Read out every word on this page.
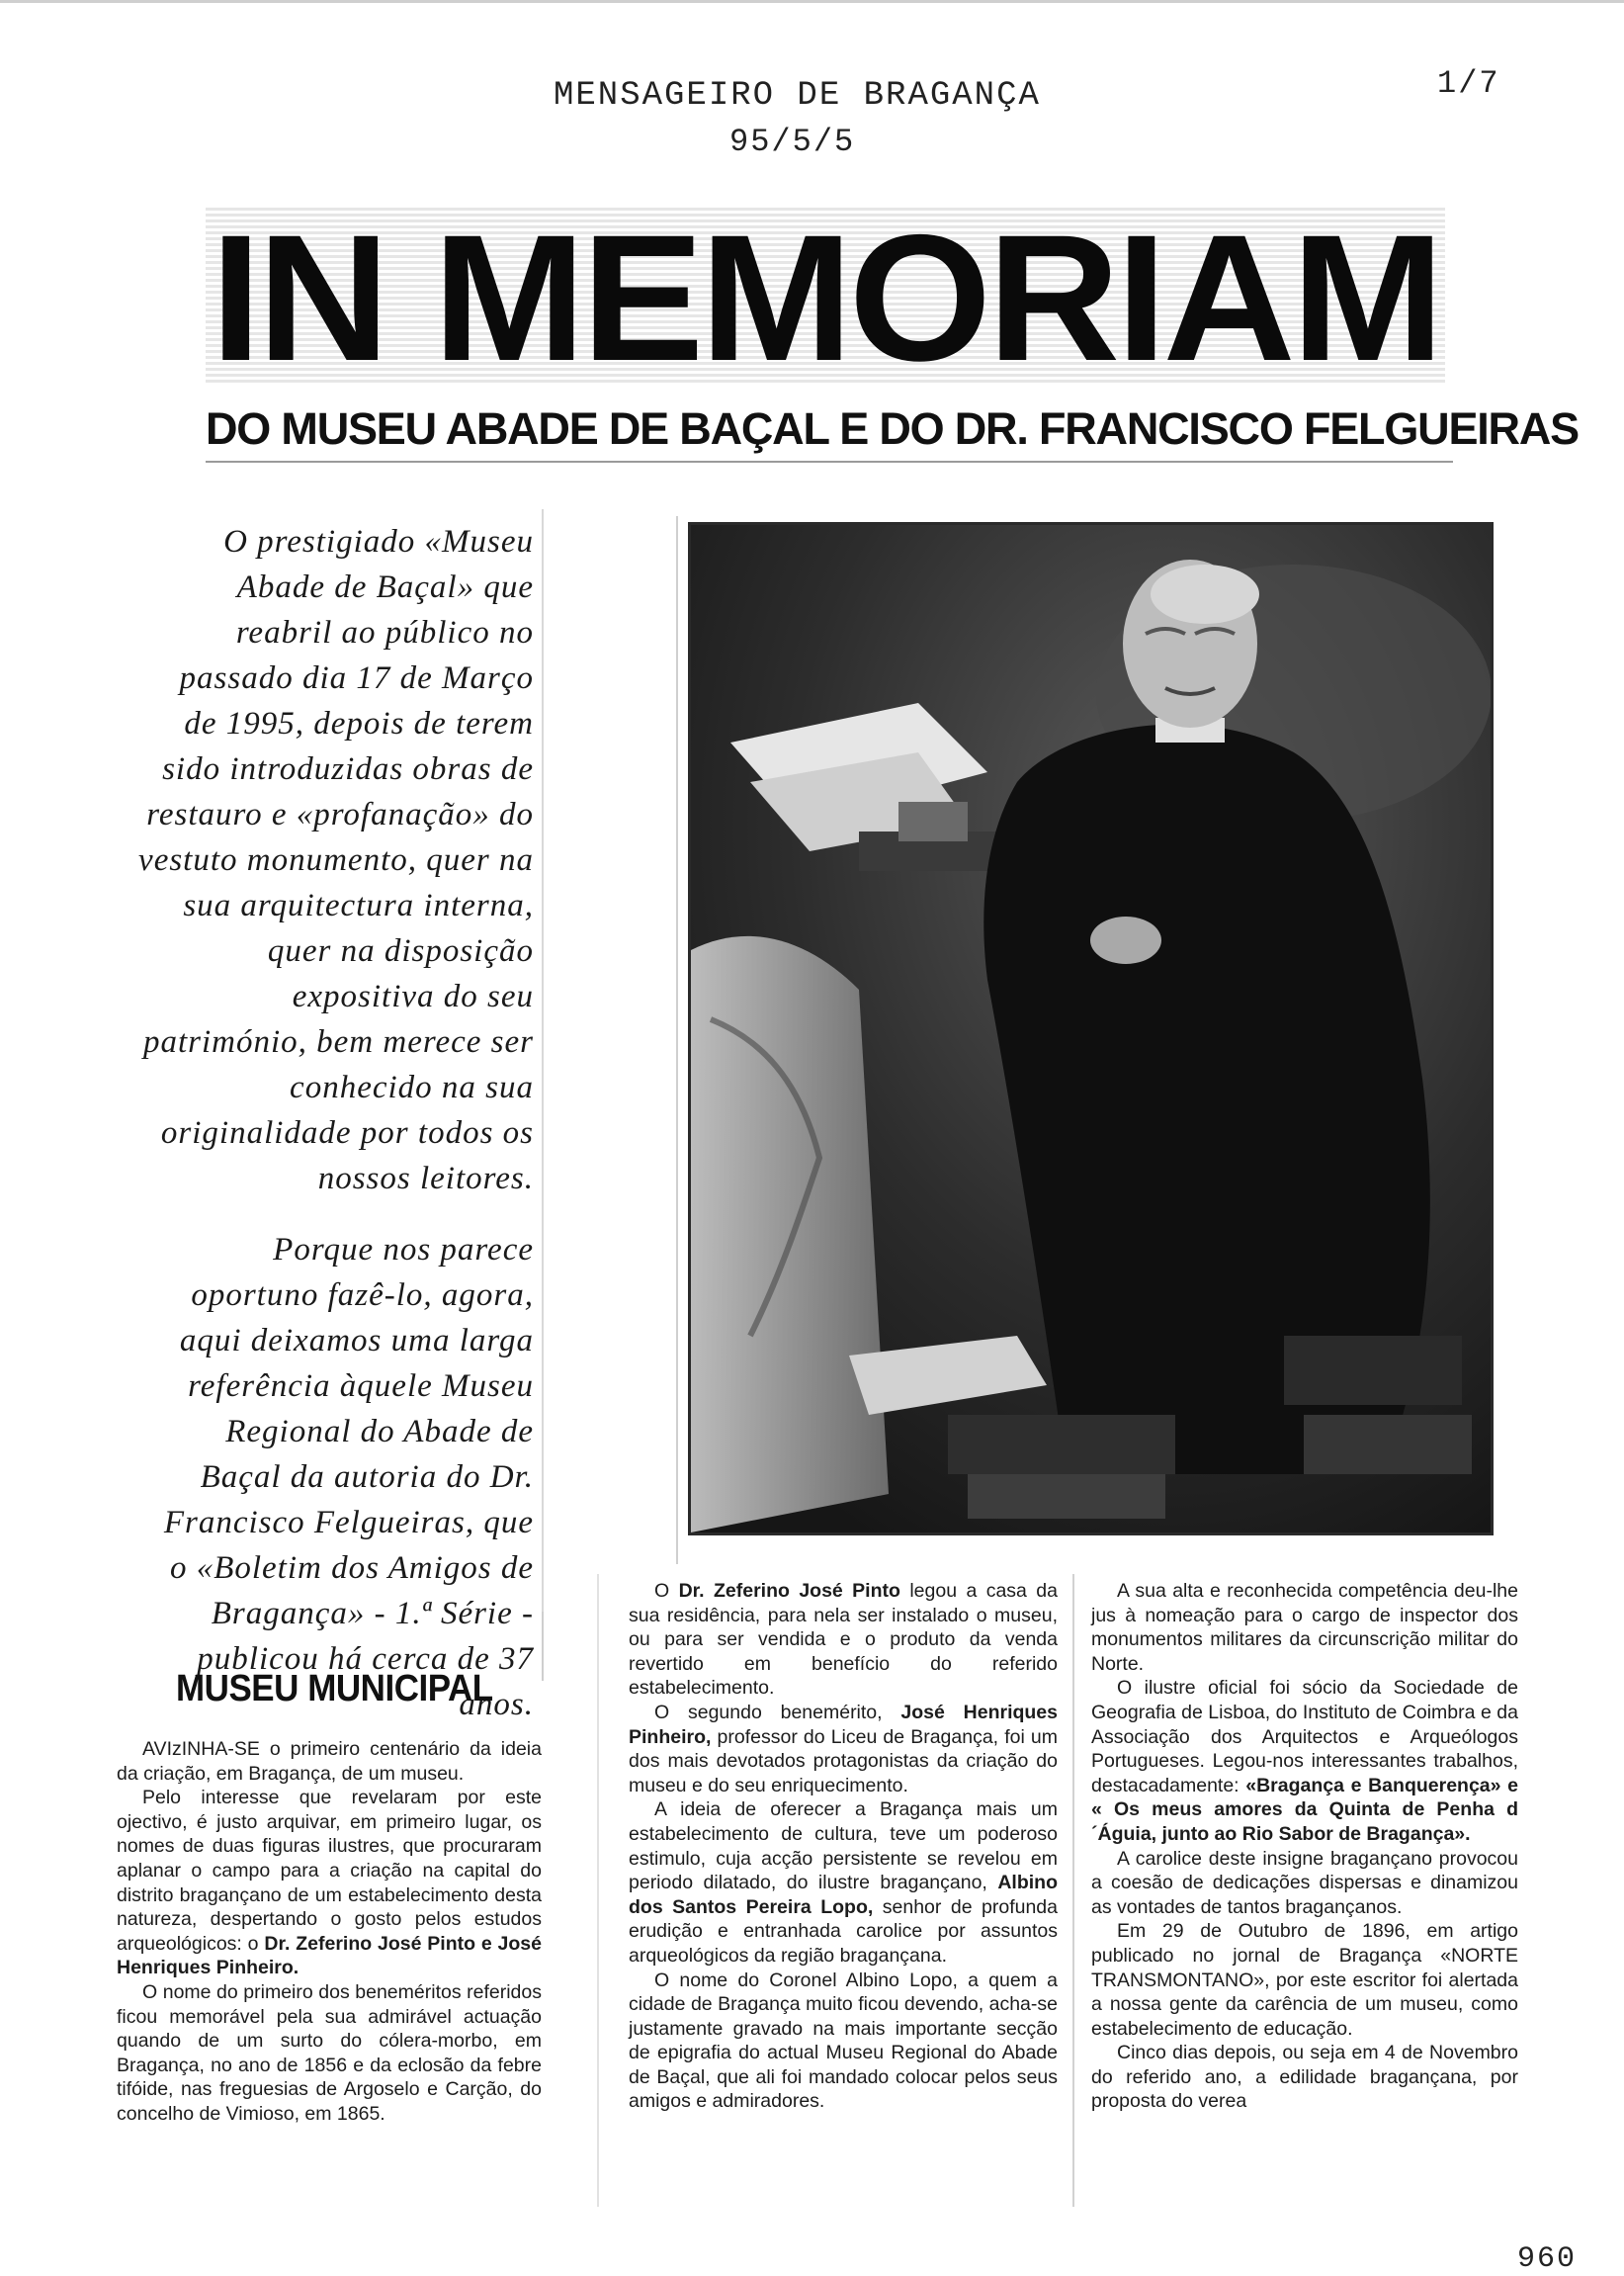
MENSAGEIRO DE BRAGANÇA
95/5/5
1/7
IN MEMORIAM
DO MUSEU ABADE DE BAÇAL E DO DR. FRANCISCO FELGUEIRAS

O prestigiado «Museu Abade de Baçal» que reabril ao público no passado dia 17 de Março de 1995, depois de terem sido introduzidas obras de restauro e «profanação» do vestuto monumento, quer na sua arquitectura interna, quer na disposição expositiva do seu património, bem merece ser conhecido na sua originalidade por todos os nossos leitores.

Porque nos parece oportuno fazê-lo, agora, aqui deixamos uma larga referência àquele Museu Regional do Abade de Baçal da autoria do Dr. Francisco Felgueiras, que o «Boletim dos Amigos de Bragança» - 1.ª Série - publicou há cerca de 37 anos.

MUSEU MUNICIPAL

AVIzINHA-SE o primeiro centenário da ideia da criação, em Bragança, de um museu.

Pelo interesse que revelaram por este ojectivo, é justo arquivar, em primeiro lugar, os nomes de duas figuras ilustres, que procuraram aplanar o campo para a criação na capital do distrito bragançano de um estabelecimento desta natureza, despertando o gosto pelos estudos arqueológicos: o Dr. Zeferino José Pinto e José Henriques Pinheiro.

O nome do primeiro dos beneméritos referidos ficou memorável pela sua admirável actuação quando de um surto do cólera-morbo, em Bragança, no ano de 1856 e da eclosão da febre tifóide, nas freguesias de Argoselo e Carção, do concelho de Vimioso, em 1865.

O Dr. Zeferino José Pinto legou a casa da sua residência, para nela ser instalado o museu, ou para ser vendida e o produto da venda revertido em benefício do referido estabelecimento.

O segundo benemérito, José Henriques Pinheiro, professor do Liceu de Bragança, foi um dos mais devotados protagonistas da criação do museu e do seu enriquecimento.

A ideia de oferecer a Bragança mais um estabelecimento de cultura, teve um poderoso estimulo, cuja acção persistente se revelou em periodo dilatado, do ilustre bragançano, Albino dos Santos Pereira Lopo, senhor de profunda erudição e entranhada carolice por assuntos arqueológicos da região bragançana.

O nome do Coronel Albino Lopo, a quem a cidade de Bragança muito ficou devendo, acha-se justamente gravado na mais importante secção de epigrafia do actual Museu Regional do Abade de Baçal, que ali foi mandado colocar pelos seus amigos e admiradores.

A sua alta e reconhecida competência deu-lhe jus à nomeação para o cargo de inspector dos monumentos militares da circunscrição militar do Norte.

O ilustre oficial foi sócio da Sociedade de Geografia de Lisboa, do Instituto de Coimbra e da Associação dos Arquitectos e Arqueólogos Portugueses. Legou-nos interessantes trabalhos, destacadamente: «Bragança e Banquerença» e « Os meus amores da Quinta de Penha d´Águia, junto ao Rio Sabor de Bragança».

A carolice deste insigne bragançano provocou a coesão de dedicações dispersas e dinamizou as vontades de tantos bragançanos.

Em 29 de Outubro de 1896, em artigo publicado no jornal de Bragança «NORTE TRANSMONTANO», por este escritor foi alertada a nossa gente da carência de um museu, como estabelecimento de educação.

Cinco dias depois, ou seja em 4 de Novembro do referido ano, a edilidade bragançana, por proposta do verea

960
